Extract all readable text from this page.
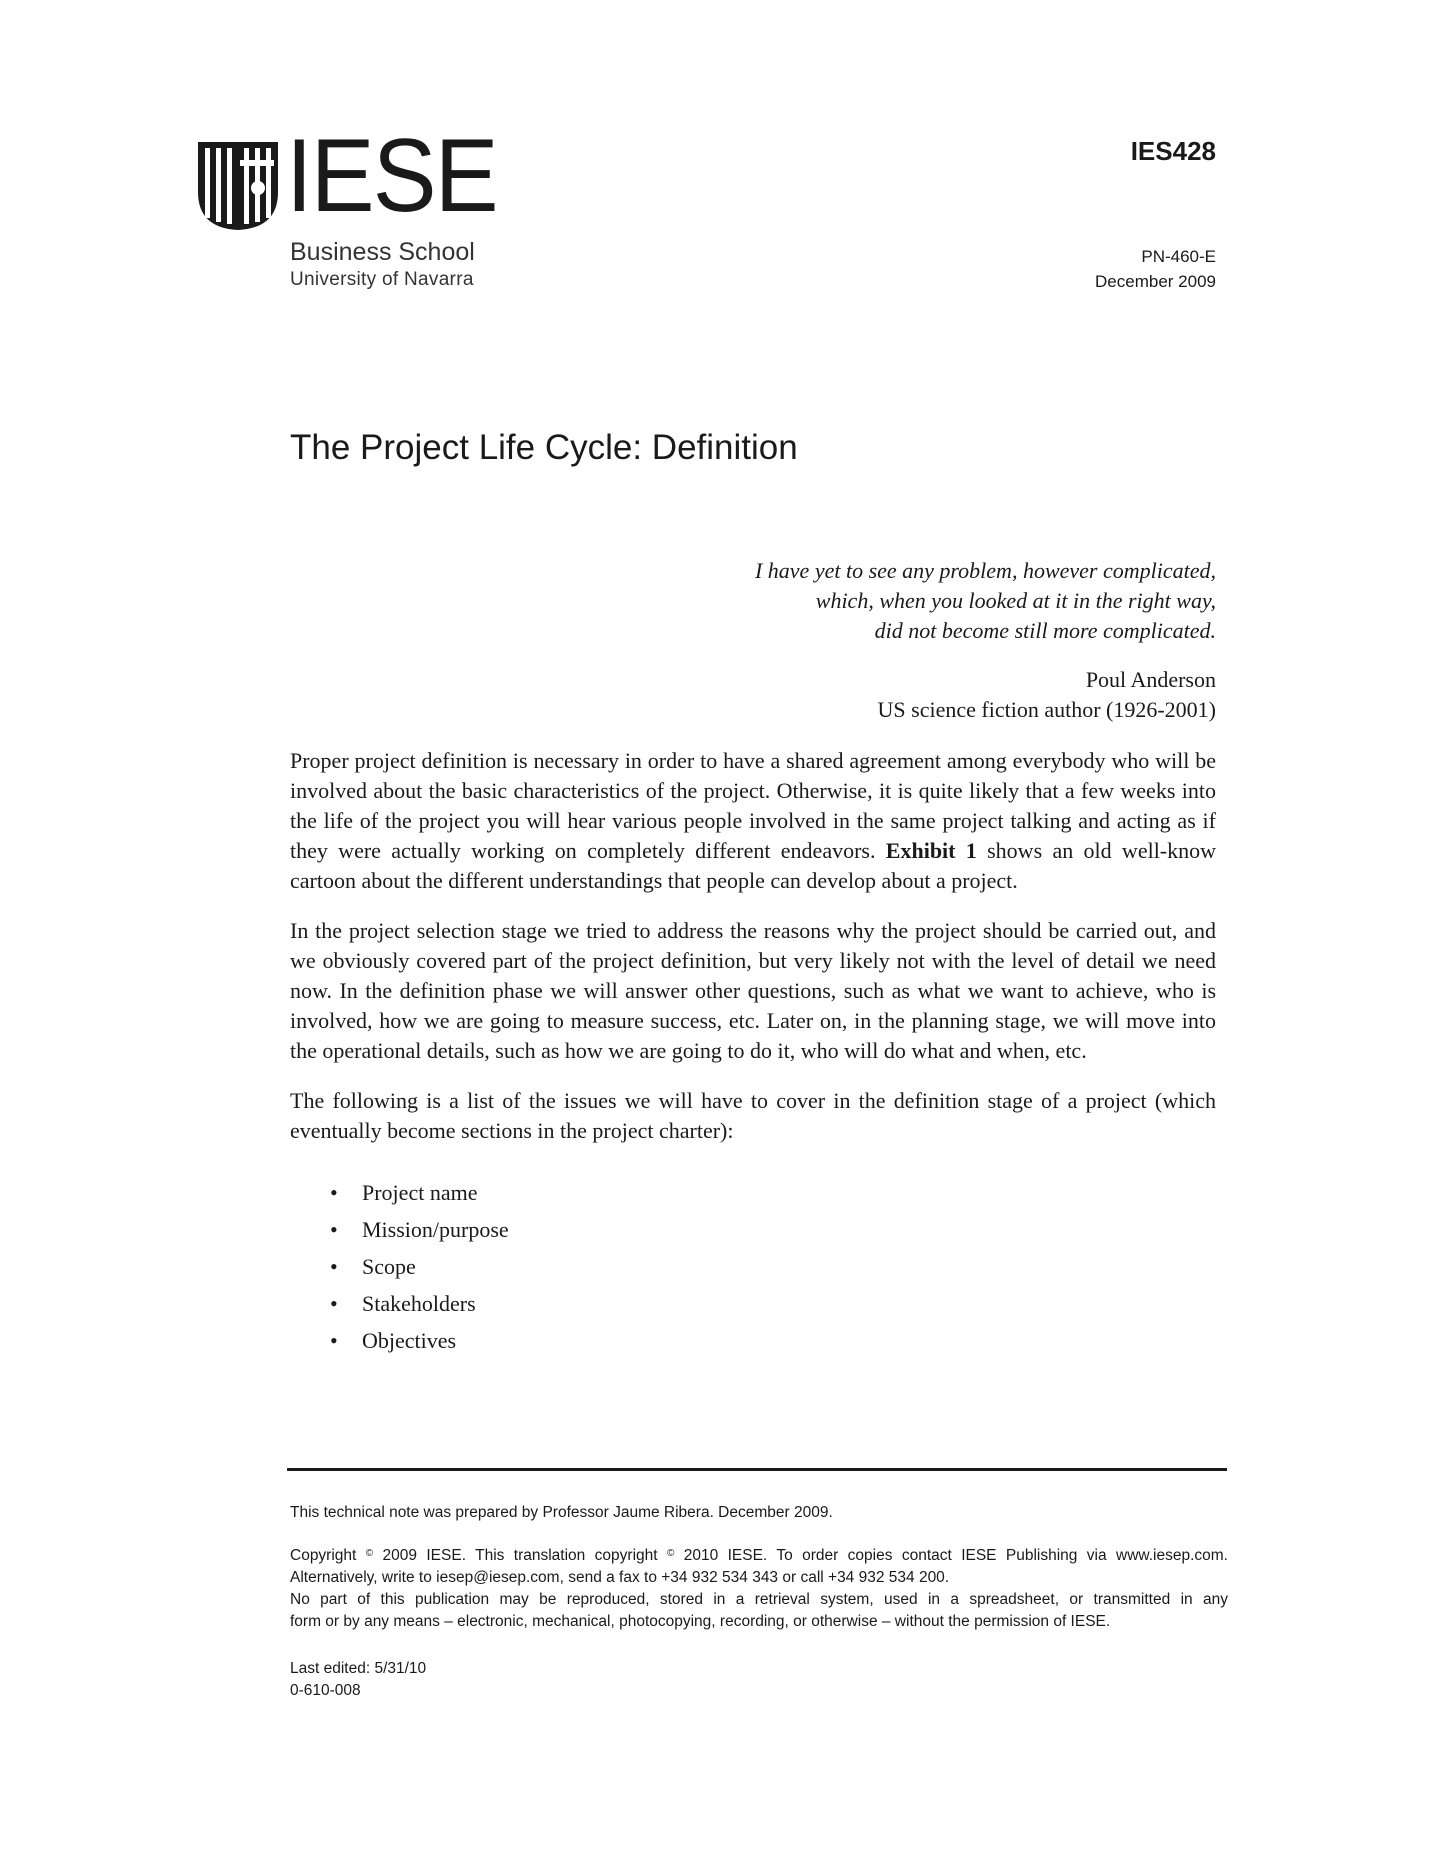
IESE
Business School
University of Navarra
IES428
PN-460-E
December 2009
The Project Life Cycle: Definition
I have yet to see any problem, however complicated,
which, when you looked at it in the right way,
did not become still more complicated.
Poul Anderson
US science fiction author (1926-2001)

Proper project definition is necessary in order to have a shared agreement among everybody who will be involved about the basic characteristics of the project. Otherwise, it is quite likely that a few weeks into the life of the project you will hear various people involved in the same project talking and acting as if they were actually working on completely different endeavors. Exhibit 1 shows an old well-know cartoon about the different understandings that people can develop about a project.

In the project selection stage we tried to address the reasons why the project should be carried out, and we obviously covered part of the project definition, but very likely not with the level of detail we need now. In the definition phase we will answer other questions, such as what we want to achieve, who is involved, how we are going to measure success, etc. Later on, in the planning stage, we will move into the operational details, such as how we are going to do it, who will do what and when, etc.

The following is a list of the issues we will have to cover in the definition stage of a project (which eventually become sections in the project charter):

• Project name
• Mission/purpose
• Scope
• Stakeholders
• Objectives
This technical note was prepared by Professor Jaume Ribera. December 2009.
Copyright © 2009 IESE. This translation copyright © 2010 IESE. To order copies contact IESE Publishing via www.iesep.com.
Alternatively, write to iesep@iesep.com, send a fax to +34 932 534 343 or call +34 932 534 200.
No part of this publication may be reproduced, stored in a retrieval system, used in a spreadsheet, or transmitted in any
form or by any means – electronic, mechanical, photocopying, recording, or otherwise – without the permission of IESE.
Last edited: 5/31/10
0-610-008
